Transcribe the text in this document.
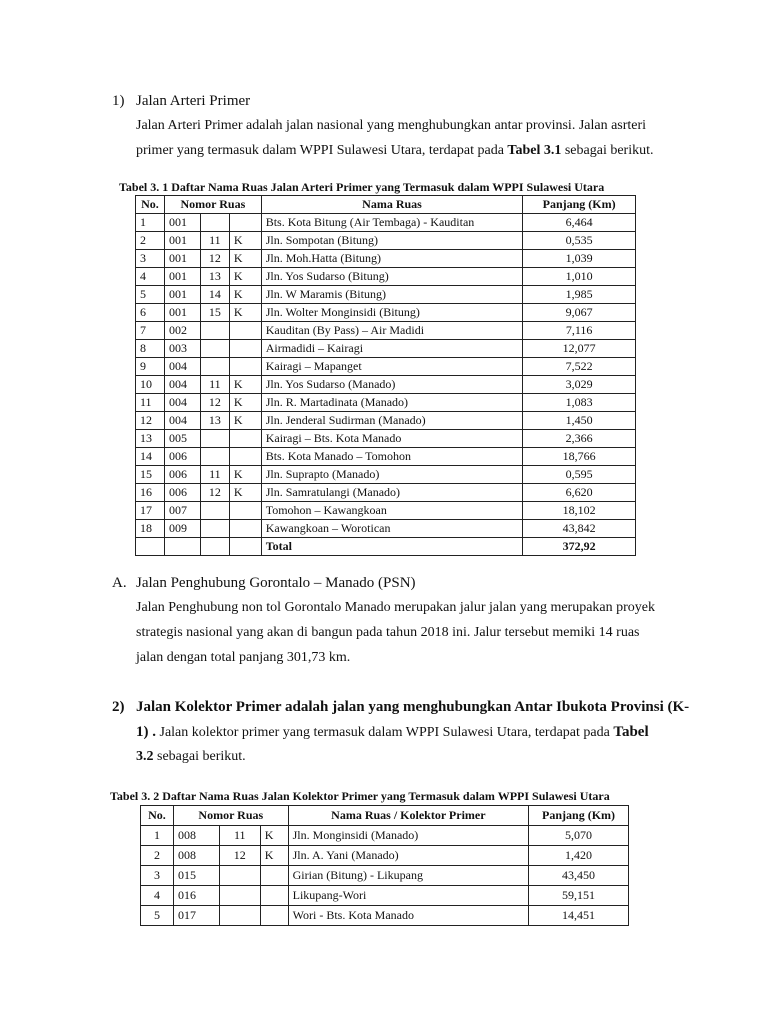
1) Jalan Arteri Primer
Jalan Arteri Primer adalah jalan nasional yang menghubungkan antar provinsi. Jalan asrteri
primer yang termasuk dalam WPPI Sulawesi Utara, terdapat pada Tabel 3.1 sebagai berikut.
Tabel 3. 1 Daftar Nama Ruas Jalan Arteri Primer yang Termasuk dalam WPPI Sulawesi Utara
No.	Nomor Ruas			Nama Ruas	Panjang (Km)
1	001			Bts. Kota Bitung (Air Tembaga) - Kauditan	6,464
2	001	11	K	Jln. Sompotan (Bitung)	0,535
3	001	12	K	Jln. Moh.Hatta (Bitung)	1,039
4	001	13	K	Jln. Yos Sudarso (Bitung)	1,010
5	001	14	K	Jln. W Maramis (Bitung)	1,985
6	001	15	K	Jln. Wolter Monginsidi (Bitung)	9,067
7	002			Kauditan (By Pass) – Air Madidi	7,116
8	003			Airmadidi – Kairagi	12,077
9	004			Kairagi – Mapanget	7,522
10	004	11	K	Jln. Yos Sudarso (Manado)	3,029
11	004	12	K	Jln. R. Martadinata (Manado)	1,083
12	004	13	K	Jln. Jenderal Sudirman (Manado)	1,450
13	005			Kairagi – Bts. Kota Manado	2,366
14	006			Bts. Kota Manado – Tomohon	18,766
15	006	11	K	Jln. Suprapto (Manado)	0,595
16	006	12	K	Jln. Samratulangi (Manado)	6,620
17	007			Tomohon – Kawangkoan	18,102
18	009			Kawangkoan – Worotican	43,842
				Total	372,92
A. Jalan Penghubung Gorontalo – Manado (PSN)
Jalan Penghubung non tol Gorontalo Manado merupakan jalur jalan yang merupakan proyek
strategis nasional yang akan di bangun pada tahun 2018 ini. Jalur tersebut memiki 14 ruas
jalan dengan total panjang 301,73 km.
2) Jalan Kolektor Primer adalah jalan yang menghubungkan Antar Ibukota Provinsi (K-
1) . Jalan kolektor primer yang termasuk dalam WPPI Sulawesi Utara, terdapat pada Tabel
3.2 sebagai berikut.
Tabel 3. 2 Daftar Nama Ruas Jalan Kolektor Primer yang Termasuk dalam WPPI Sulawesi Utara
No.	Nomor Ruas			Nama Ruas / Kolektor Primer	Panjang (Km)
1	008	11	K	Jln. Monginsidi (Manado)	5,070
2	008	12	K	Jln. A. Yani (Manado)	1,420
3	015			Girian (Bitung) - Likupang	43,450
4	016			Likupang-Wori	59,151
5	017			Wori - Bts. Kota Manado	14,451
